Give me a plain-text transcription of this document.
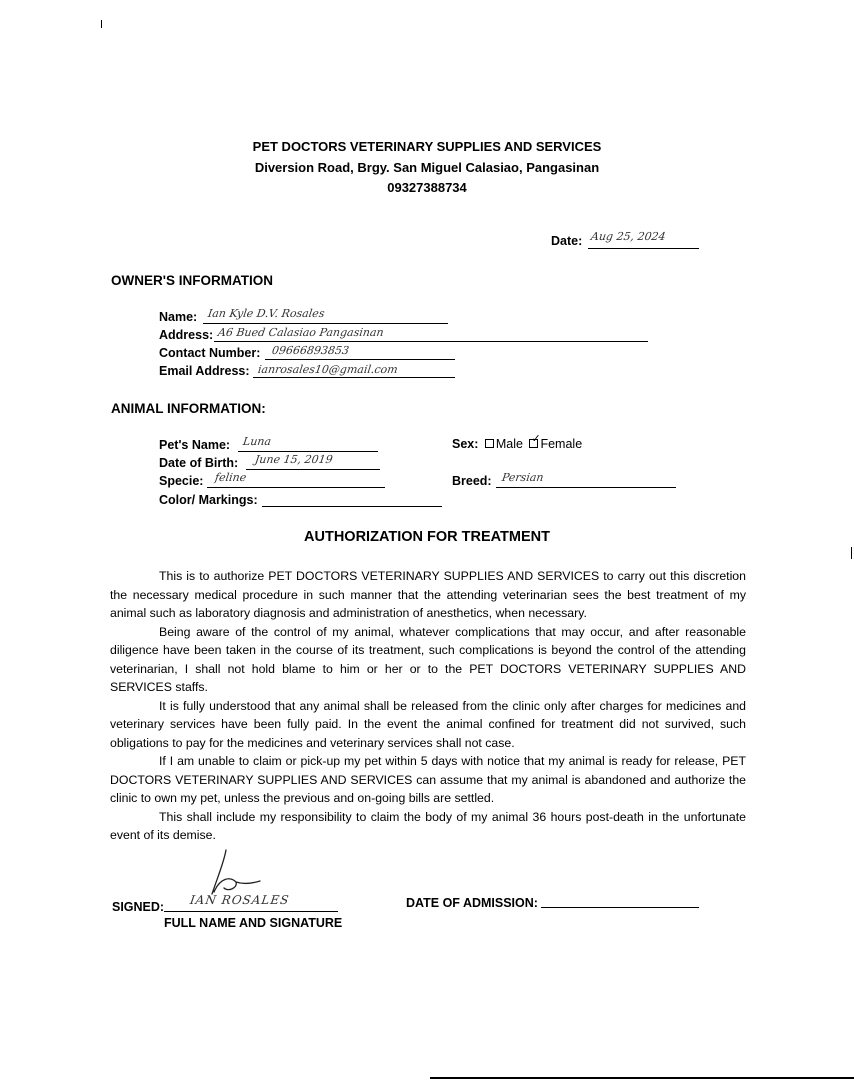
PET DOCTORS VETERINARY SUPPLIES AND SERVICES
Diversion Road, Brgy. San Miguel Calasiao, Pangasinan
09327388734
Date: Aug 25, 2024
OWNER'S INFORMATION
Name: Ian Kyle D.V. Rosales
Address: A6 Bued Calasiao Pangasinan
Contact Number: 09666893853
Email Address: ianrosales10@gmail.com
ANIMAL INFORMATION:
Pet's Name: Luna
Date of Birth: June 15, 2019
Specie: feline
Color/ Markings:
Sex: Male ✓ Female
Breed: Persian
AUTHORIZATION FOR TREATMENT

This is to authorize PET DOCTORS VETERINARY SUPPLIES AND SERVICES to carry out this discretion the necessary medical procedure in such manner that the attending veterinarian sees the best treatment of my animal such as laboratory diagnosis and administration of anesthetics, when necessary.

Being aware of the control of my animal, whatever complications that may occur, and after reasonable diligence have been taken in the course of its treatment, such complications is beyond the control of the attending veterinarian, I shall not hold blame to him or her or to the PET DOCTORS VETERINARY SUPPLIES AND SERVICES staffs.

It is fully understood that any animal shall be released from the clinic only after charges for medicines and veterinary services have been fully paid. In the event the animal confined for treatment did not survived, such obligations to pay for the medicines and veterinary services shall not case.

If I am unable to claim or pick-up my pet within 5 days with notice that my animal is ready for release, PET DOCTORS VETERINARY SUPPLIES AND SERVICES can assume that my animal is abandoned and authorize the clinic to own my pet, unless the previous and on-going bills are settled.

This shall include my responsibility to claim the body of my animal 36 hours post-death in the unfortunate event of its demise.

SIGNED: IAN ROSALES
FULL NAME AND SIGNATURE
DATE OF ADMISSION:
